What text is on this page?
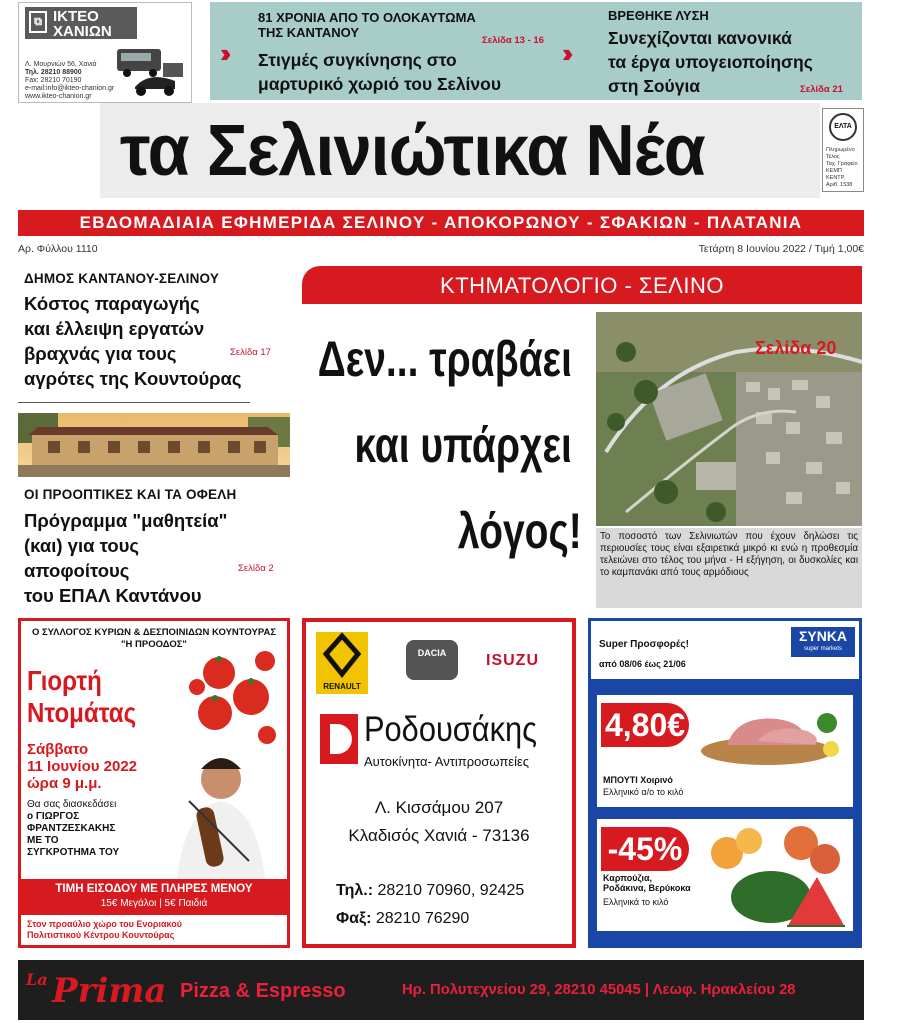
⧉ ΙΚΤΕΟ
ΧΑΝΙΩΝ
Λ. Μουρνιών 56, Χανιά
Τηλ. 28210 88900
Fax: 28210 70190
e-mail:info@ikteo-chanion.gr
www.ikteo-chanion.gr
81 ΧΡΟΝΙΑ ΑΠΟ ΤΟ ΟΛΟΚΑΥΤΩΜΑ
ΤΗΣ ΚΑΝΤΑΝΟΥ
Σελίδα 13 - 16
›› Στιγμές συγκίνησης στο
μαρτυρικό χωριό του Σελίνου
››
ΒΡΕΘΗΚΕ ΛΥΣΗ
Συνεχίζονται κανονικά
τα έργα υπογειοποίησης
στη Σούγια	Σελίδα 21
τα Σελινιώτικα Νέα	ΕΛΤΑ
Πληρωμένο
Τέλος
Ταχ. Γραφείο
ΚΕΜΠ
ΚΕΝΤΡ.
Αριθ. 1538
ΕΒΔΟΜΑΔΙΑΙΑ ΕΦΗΜΕΡΙΔΑ ΣΕΛΙΝΟΥ - ΑΠΟΚΟΡΩΝΟΥ - ΣΦΑΚΙΩΝ - ΠΛΑΤΑΝΙΑ
Αρ. Φύλλου 1110	Τετάρτη 8 Ιουνίου 2022 / Τιμή 1,00€
ΔΗΜΟΣ ΚΑΝΤΑΝΟΥ-ΣΕΛΙΝΟΥ
Κόστος παραγωγής
και έλλειψη εργατών
βραχνάς για τους
αγρότες της Κουντούρας
Σελίδα 17
ΟΙ ΠΡΟΟΠΤΙΚΕΣ ΚΑΙ ΤΑ ΟΦΕΛΗ
Πρόγραμμα "μαθητεία"
(και) για τους
αποφοίτους
του ΕΠΑΛ Καντάνου
Σελίδα 2
ΚΤΗΜΑΤΟΛΟΓΙΟ - ΣΕΛΙΝΟ
Δεν... τραβάει
και υπάρχει
λόγος!
Σελίδα 20
Το ποσοστό των Σελινιωτών που έχουν δηλώσει τις περιουσίες τους είναι εξαιρετικά μικρό κι ενώ η προθεσμία τελειώνει στο τέλος του μήνα - Η εξήγηση, οι δυσκολίες και το καμπανάκι από τους αρμόδιους
Ο ΣΥΛΛΟΓΟΣ ΚΥΡΙΩΝ & ΔΕΣΠΟΙΝΙΔΩΝ ΚΟΥΝΤΟΥΡΑΣ
"Η ΠΡΟΟΔΟΣ"
Γιορτή
Ντομάτας
Σάββατο
11 Ιουνίου 2022
ώρα 9 μ.μ.
Θα σας διασκεδάσει
ο ΓΙΩΡΓΟΣ
ΦΡΑΝΤΖΕΣΚΑΚΗΣ
ΜΕ ΤΟ
ΣΥΓΚΡΟΤΗΜΑ ΤΟΥ
ΤΙΜΗ ΕΙΣΟΔΟΥ ΜΕ ΠΛΗΡΕΣ ΜΕΝΟΥ
15€ Μεγάλοι | 5€ Παιδιά
Στον προαύλιο χώρο του Ενοριακού
Πολιτιστικού Κέντρου Κουντούρας
RENAULT
DACIA	ISUZU
Ροδουσάκης
Αυτοκίνητα- Αντιπροσωπείες
Λ. Κισσάμου 207
Κλαδισός Χανιά - 73136
Τηλ.: 28210 70960, 92425
Φαξ: 28210 76290
Super Προσφορές!
από 08/06 έως 21/06
ΣΥΝΚΑ
super markets
4,80€
ΜΠΟΥΤΙ Χοιρινό
Ελληνικό α/ο το κιλό
-45%
Καρπούζια,
Ροδάκινα, Βερύκοκα
Ελληνικά το κιλό
La Prima Pizza & Espresso	Ηρ. Πολυτεχνείου 29, 28210 45045 | Λεωφ. Ηρακλείου 28
